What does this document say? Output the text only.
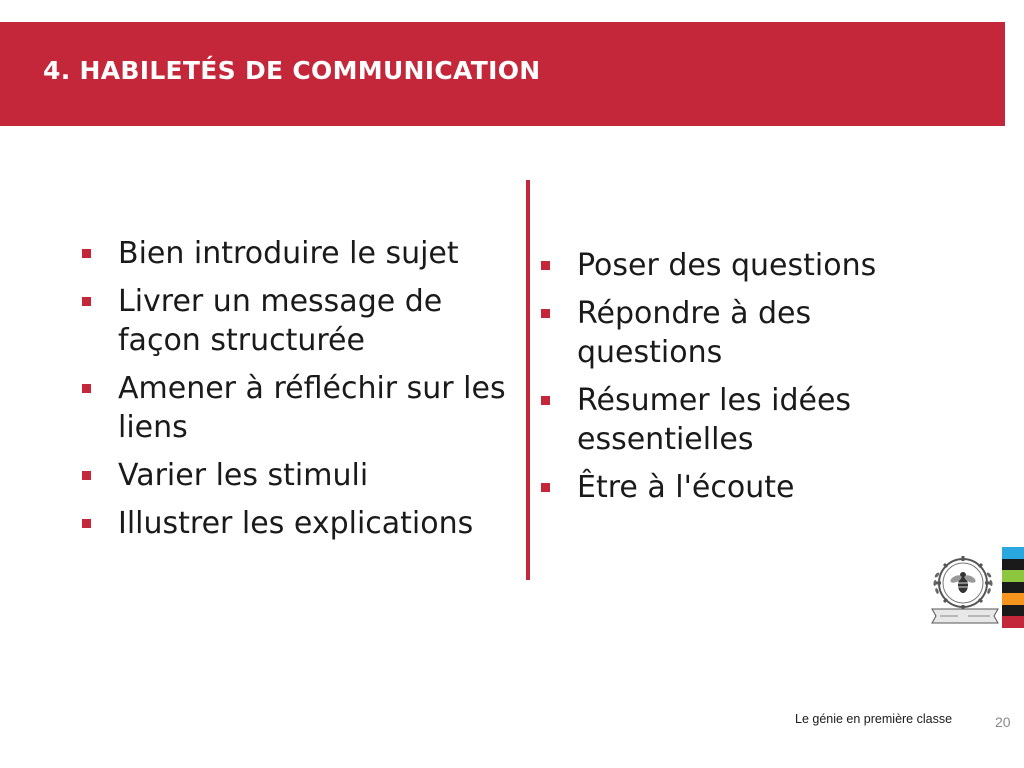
4. HABILETÉS DE COMMUNICATION
Bien introduire le sujet
Livrer un message de façon structurée
Amener à réfléchir sur les liens
Varier les stimuli
Illustrer les explications
Poser des questions
Répondre à des questions
Résumer les idées essentielles
Être à l'écoute
Le génie en première classe	20
